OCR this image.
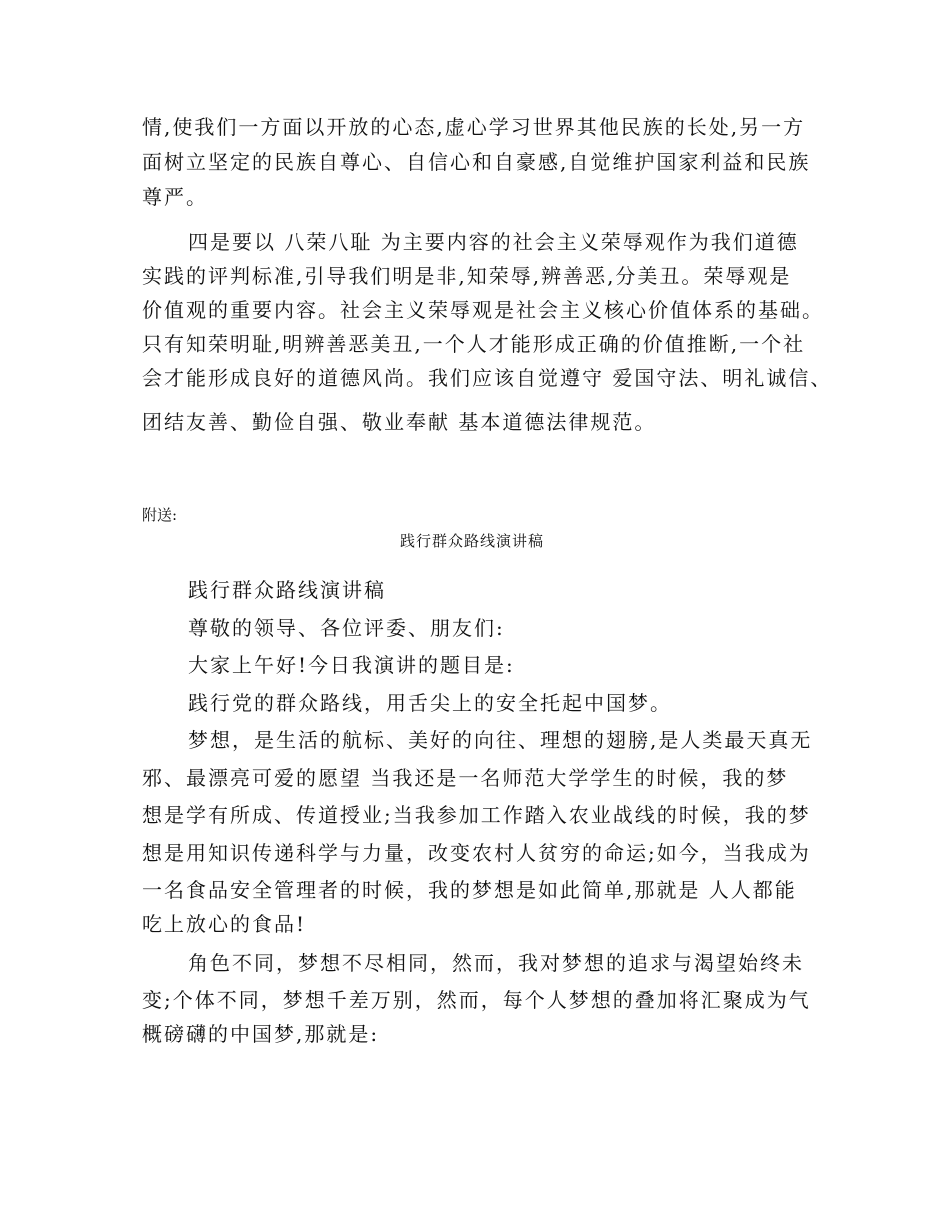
情,使我们一方面以开放的心态,虚心学习世界其他民族的长处,另一方
面树立坚定的民族自尊心、自信心和自豪感,自觉维护国家利益和民族
尊严。
四是要以 八荣八耻 为主要内容的社会主义荣辱观作为我们道德
实践的评判标准,引导我们明是非,知荣辱,辨善恶,分美丑。荣辱观是
价值观的重要内容。社会主义荣辱观是社会主义核心价值体系的基础。
只有知荣明耻,明辨善恶美丑,一个人才能形成正确的价值推断,一个社
会才能形成良好的道德风尚。我们应该自觉遵守 爱国守法、明礼诚信、
团结友善、勤俭自强、敬业奉献 基本道德法律规范。
附送:
践行群众路线演讲稿
践行群众路线演讲稿
尊敬的领导、各位评委、朋友们:
大家上午好!今日我演讲的题目是:
践行党的群众路线，用舌尖上的安全托起中国梦。
梦想，是生活的航标、美好的向往、理想的翅膀,是人类最天真无
邪、最漂亮可爱的愿望 当我还是一名师范大学学生的时候，我的梦
想是学有所成、传道授业;当我参加工作踏入农业战线的时候，我的梦
想是用知识传递科学与力量，改变农村人贫穷的命运;如今，当我成为
一名食品安全管理者的时候，我的梦想是如此简单,那就是 人人都能
吃上放心的食品!
角色不同，梦想不尽相同，然而，我对梦想的追求与渴望始终未
变;个体不同，梦想千差万别，然而，每个人梦想的叠加将汇聚成为气
概磅礴的中国梦,那就是:
